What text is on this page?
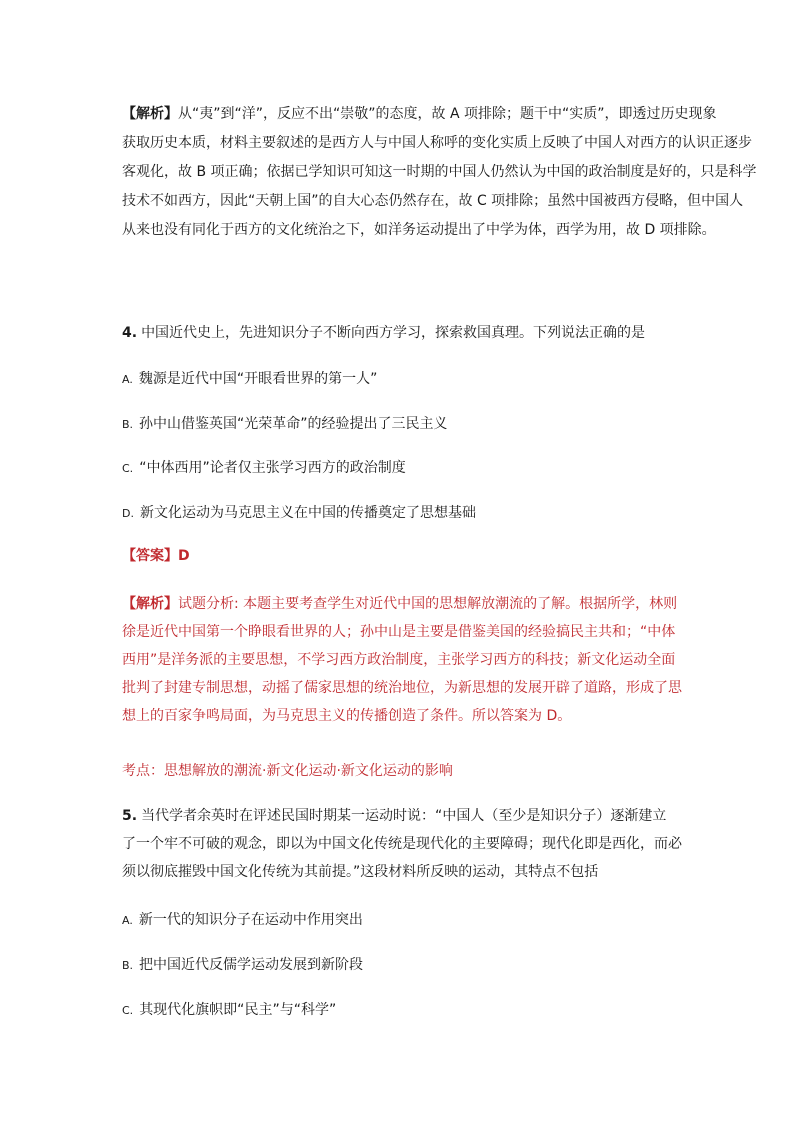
【解析】从“夷”到“洋”，反应不出“崇敬”的态度，故 A 项排除；题干中“实质”，即透过历史现象
获取历史本质，材料主要叙述的是西方人与中国人称呼的变化实质上反映了中国人对西方的认识正逐步
客观化，故 B 项正确；依据已学知识可知这一时期的中国人仍然认为中国的政治制度是好的，只是科学
技术不如西方，因此“天朝上国”的自大心态仍然存在，故 C 项排除；虽然中国被西方侵略，但中国人
从来也没有同化于西方的文化统治之下，如洋务运动提出了中学为体，西学为用，故 D 项排除。
4. 中国近代史上，先进知识分子不断向西方学习，探索救国真理。下列说法正确的是
A. 魏源是近代中国“开眼看世界的第一人”
B. 孙中山借鉴英国“光荣革命”的经验提出了三民主义
C. “中体西用”论者仅主张学习西方的政治制度
D. 新文化运动为马克思主义在中国的传播奠定了思想基础
【答案】D
【解析】试题分析: 本题主要考查学生对近代中国的思想解放潮流的了解。根据所学，林则
徐是近代中国第一个睁眼看世界的人；孙中山是主要是借鉴美国的经验搞民主共和；“中体
西用”是洋务派的主要思想，不学习西方政治制度，主张学习西方的科技；新文化运动全面
批判了封建专制思想，动摇了儒家思想的统治地位，为新思想的发展开辟了道路，形成了思
想上的百家争鸣局面，为马克思主义的传播创造了条件。所以答案为 D。
考点：思想解放的潮流·新文化运动·新文化运动的影响
5. 当代学者余英时在评述民国时期某一运动时说：“中国人（至少是知识分子）逐渐建立
了一个牢不可破的观念，即以为中国文化传统是现代化的主要障碍；现代化即是西化，而必
须以彻底摧毁中国文化传统为其前提。”这段材料所反映的运动，其特点不包括
A. 新一代的知识分子在运动中作用突出
B. 把中国近代反儒学运动发展到新阶段
C. 其现代化旗帜即“民主”与“科学”
